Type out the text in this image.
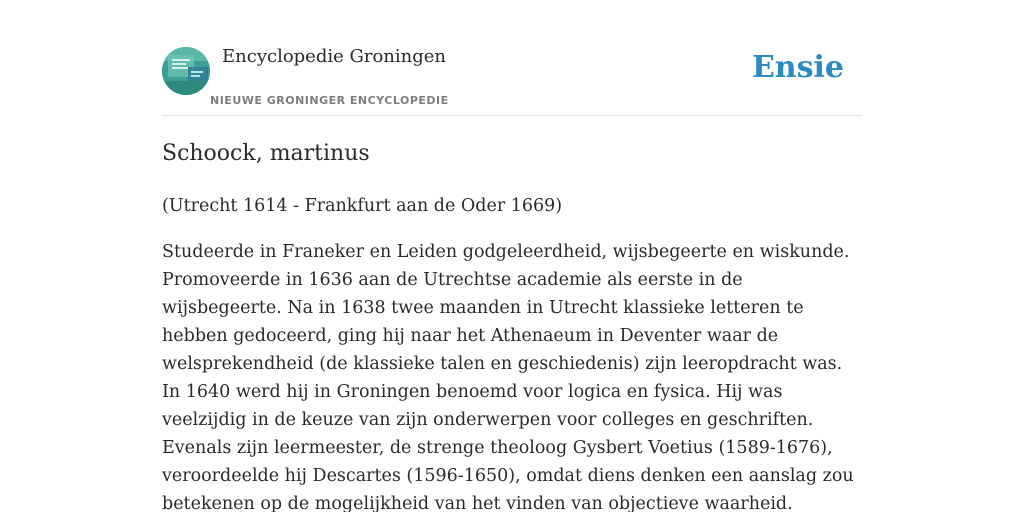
Encyclopedie Groningen
NIEUWE GRONINGER ENCYCLOPEDIE
Ensie
Schoock, martinus

(Utrecht 1614 - Frankfurt aan de Oder 1669)

Studeerde in Franeker en Leiden godgeleerdheid, wijsbegeerte en wiskunde. Promoveerde in 1636 aan de Utrechtse academie als eerste in de wijsbegeerte. Na in 1638 twee maanden in Utrecht klassieke letteren te hebben gedoceerd, ging hij naar het Athenaeum in Deventer waar de welsprekendheid (de klassieke talen en geschiedenis) zijn leeropdracht was. In 1640 werd hij in Groningen benoemd voor logica en fysica. Hij was veelzijdig in de keuze van zijn onderwerpen voor colleges en geschriften. Evenals zijn leermeester, de strenge theoloog Gysbert Voetius (1589-1676), veroordeelde hij Descartes (1596-1650), omdat diens denken een aanslag zou betekenen op de mogelijkheid van het vinden van objectieve waarheid.
